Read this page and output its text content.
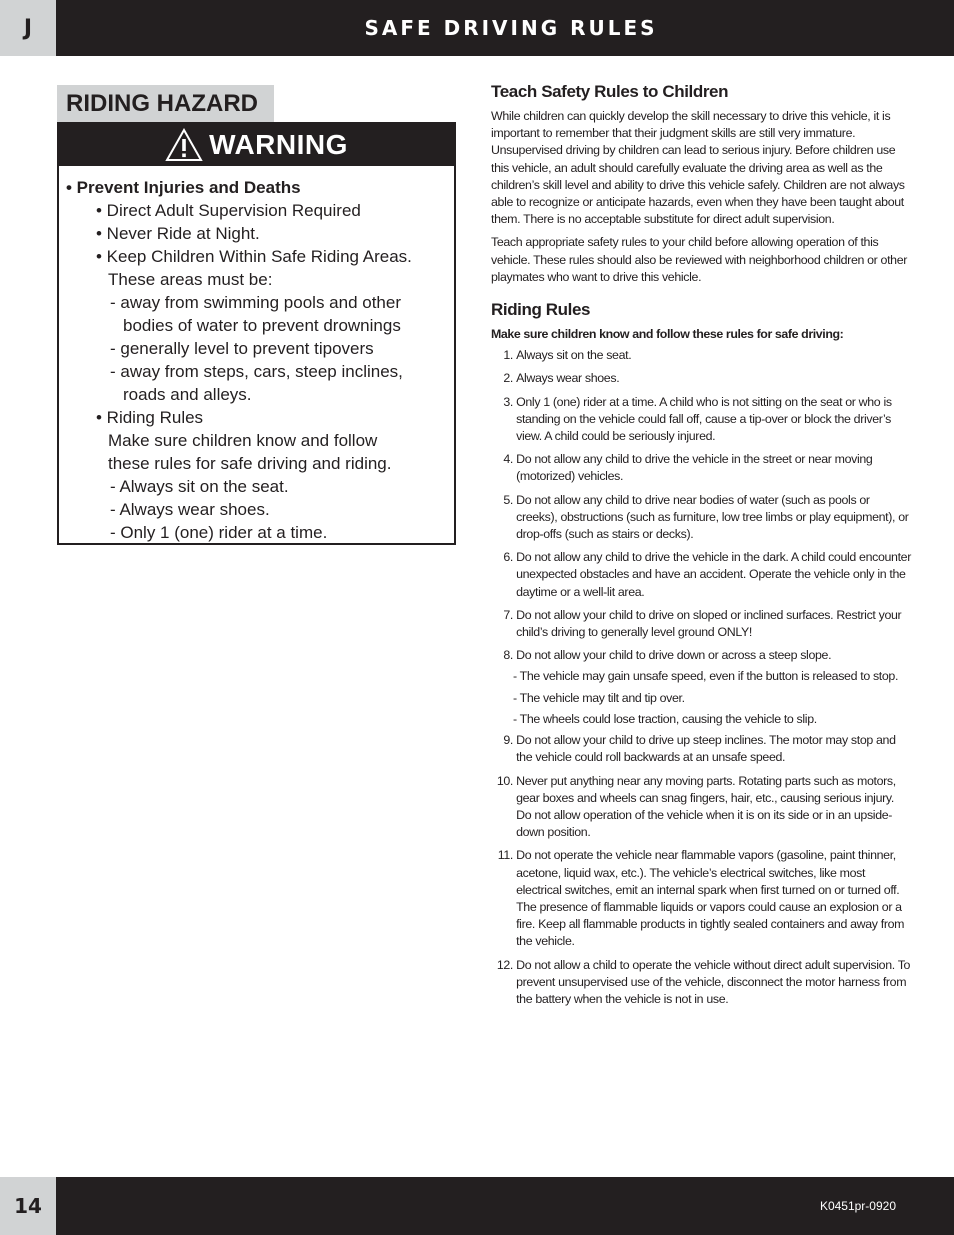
J	SAFE DRIVING RULES
RIDING HAZARD
WARNING

• Prevent Injuries and Deaths

• Direct Adult Supervision Required

• Never Ride at Night.

• Keep Children Within Safe Riding Areas.

These areas must be:

- away from swimming pools and other

bodies of water to prevent drownings

- generally level to prevent tipovers

- away from steps, cars, steep inclines,

roads and alleys.

• Riding Rules

Make sure children know and follow

these rules for safe driving and riding.

- Always sit on the seat.

- Always wear shoes.

- Only 1 (one) rider at a time.

Teach Safety Rules to Children

While children can quickly develop the skill necessary to drive this vehicle, it is important to remember that their judgment skills are still very immature. Unsupervised driving by children can lead to serious injury. Before children use this vehicle, an adult should carefully evaluate the driving area as well as the children’s skill level and ability to drive this vehicle safely. Children are not always able to recognize or anticipate hazards, even when they have been taught about them. There is no acceptable substitute for direct adult supervision.

Teach appropriate safety rules to your child before allowing operation of this vehicle. These rules should also be reviewed with neighborhood children or other playmates who want to drive this vehicle.

Riding Rules

Make sure children know and follow these rules for safe driving:

1.
Always sit on the seat.
2.
Always wear shoes.
3.
Only 1 (one) rider at a time. A child who is not sitting on the seat or who is standing on the vehicle could fall off, cause a tip-over or block the driver’s view. A child could be seriously injured.
4.
Do not allow any child to drive the vehicle in the street or near moving (motorized) vehicles.
5.
Do not allow any child to drive near bodies of water (such as pools or creeks), obstructions (such as furniture, low tree limbs or play equipment), or drop-offs (such as stairs or decks).
6.
Do not allow any child to drive the vehicle in the dark. A child could encounter unexpected obstacles and have an accident. Operate the vehicle only in the daytime or a well-lit area.
7.
Do not allow your child to drive on sloped or inclined surfaces. Restrict your child’s driving to generally level ground ONLY!
8.
Do not allow your child to drive down or across a steep slope.
- The vehicle may gain unsafe speed, even if the button is released to stop.
- The vehicle may tilt and tip over.
- The wheels could lose traction, causing the vehicle to slip.
9.
Do not allow your child to drive up steep inclines. The motor may stop and the vehicle could roll backwards at an unsafe speed.
10.
Never put anything near any moving parts. Rotating parts such as motors, gear boxes and wheels can snag fingers, hair, etc., causing serious injury. Do not allow operation of the vehicle when it is on its side or in an upside-down position.
11.
Do not operate the vehicle near flammable vapors (gasoline, paint thinner, acetone, liquid wax, etc.). The vehicle’s electrical switches, like most electrical switches, emit an internal spark when first turned on or turned off. The presence of flammable liquids or vapors could cause an explosion or a fire. Keep all flammable products in tightly sealed containers and away from the vehicle.
12.
Do not allow a child to operate the vehicle without direct adult supervision. To prevent unsupervised use of the vehicle, disconnect the motor harness from the battery when the vehicle is not in use.
14	K0451pr-0920
